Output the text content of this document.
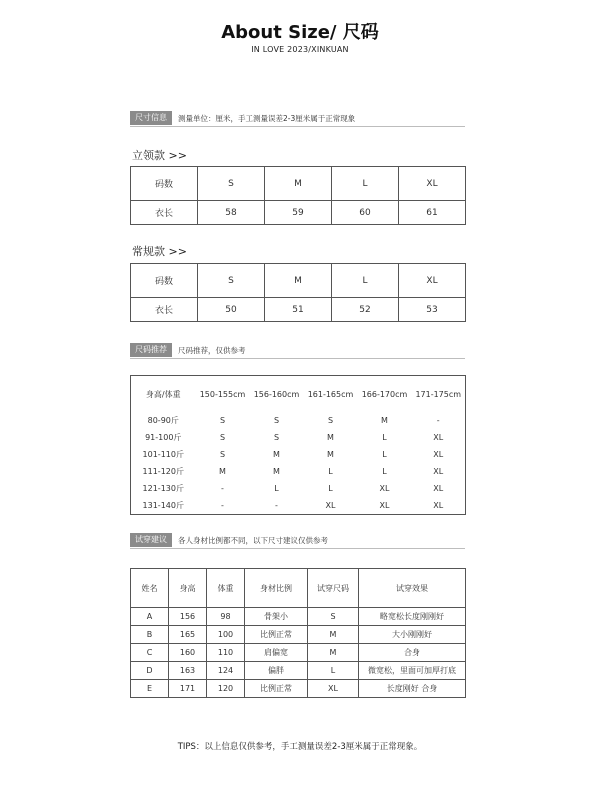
About Size/ 尺码
IN LOVE 2023/XINKUAN
尺寸信息	测量单位：厘米，手工测量误差2-3厘米属于正常现象
立领款 >>
码数	S	M	L	XL
衣长	58	59	60	61
常规款 >>
码数	S	M	L	XL
衣长	50	51	52	53
尺码推荐	尺码推荐，仅供参考
身高/体重	150-155cm	156-160cm	161-165cm	166-170cm	171-175cm
80-90斤	S	S	S	M	-
91-100斤	S	S	M	L	XL
101-110斤	S	M	M	L	XL
111-120斤	M	M	L	L	XL
121-130斤	-	L	L	XL	XL
131-140斤	-	-	XL	XL	XL
试穿建议	各人身材比例都不同，以下尺寸建议仅供参考
姓名	身高	体重	身材比例	试穿尺码	试穿效果
A	156	98	骨架小	S	略宽松长度刚刚好
B	165	100	比例正常	M	大小刚刚好
C	160	110	肩偏宽	M	合身
D	163	124	偏胖	L	微宽松，里面可加厚打底
E	171	120	比例正常	XL	长度刚好 合身
TIPS：以上信息仅供参考，手工测量误差2-3厘米属于正常现象。
